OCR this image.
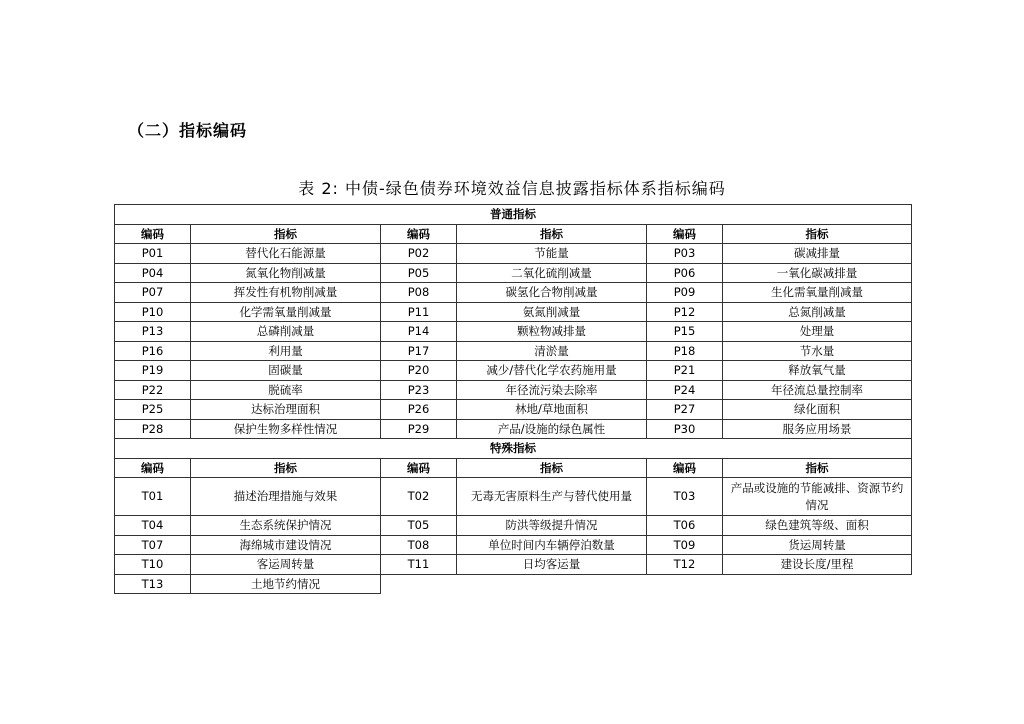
（二）指标编码
表 2: 中债-绿色债券环境效益信息披露指标体系指标编码
普通指标					
编码	指标	编码	指标	编码	指标
P01	替代化石能源量	P02	节能量	P03	碳减排量
P04	氮氧化物削减量	P05	二氧化硫削减量	P06	一氧化碳减排量
P07	挥发性有机物削减量	P08	碳氢化合物削减量	P09	生化需氧量削减量
P10	化学需氧量削减量	P11	氨氮削减量	P12	总氮削减量
P13	总磷削减量	P14	颗粒物减排量	P15	处理量
P16	利用量	P17	清淤量	P18	节水量
P19	固碳量	P20	减少/替代化学农药施用量	P21	释放氧气量
P22	脱硫率	P23	年径流污染去除率	P24	年径流总量控制率
P25	达标治理面积	P26	林地/草地面积	P27	绿化面积
P28	保护生物多样性情况	P29	产品/设施的绿色属性	P30	服务应用场景
特殊指标					
编码	指标	编码	指标	编码	指标
T01	描述治理措施与效果	T02	无毒无害原料生产与替代使用量	T03	产品或设施的节能减排、资源节约情况
T04	生态系统保护情况	T05	防洪等级提升情况	T06	绿色建筑等级、面积
T07	海绵城市建设情况	T08	单位时间内车辆停泊数量	T09	货运周转量
T10	客运周转量	T11	日均客运量	T12	建设长度/里程
T13	土地节约情况				
